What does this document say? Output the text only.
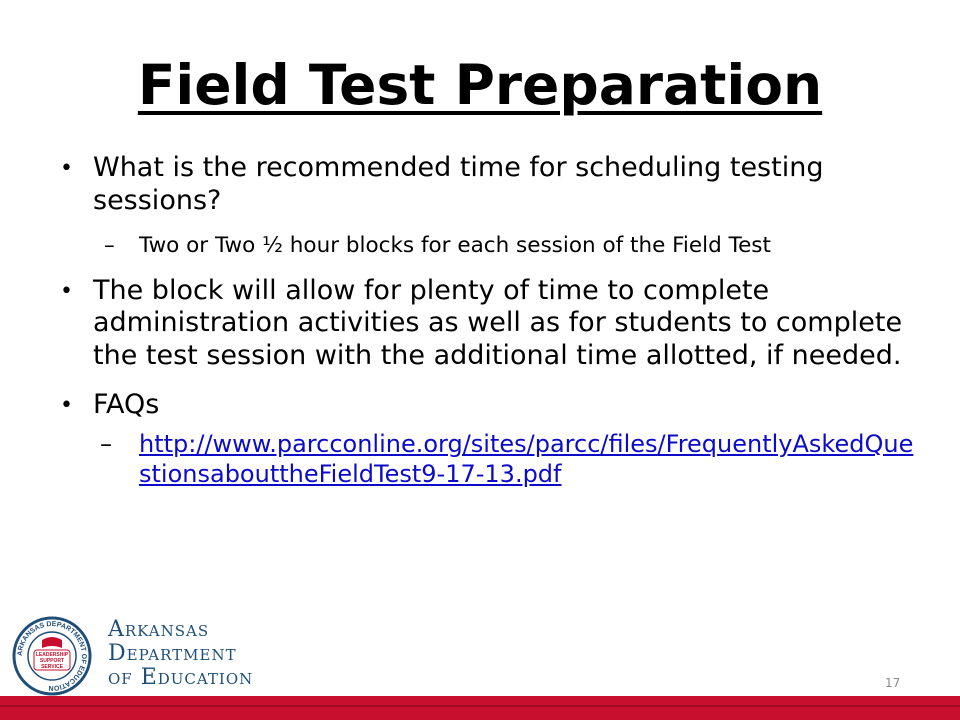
Field Test Preparation
• What is the recommended time for scheduling testing sessions?
– Two or Two ½ hour blocks for each session of the Field Test
• The block will allow for plenty of time to complete administration activities as well as for students to complete the test session with the additional time allotted, if needed.
• FAQs
– http://www.parcconline.org/sites/parcc/files/FrequentlyAskedQuestionsabouttheFieldTest9-17-13.pdf
ARKANSAS DEPARTMENT OF EDUCATION
LEADERSHIP
SUPPORT
SERVICE
Arkansas
Department
of Education	17
